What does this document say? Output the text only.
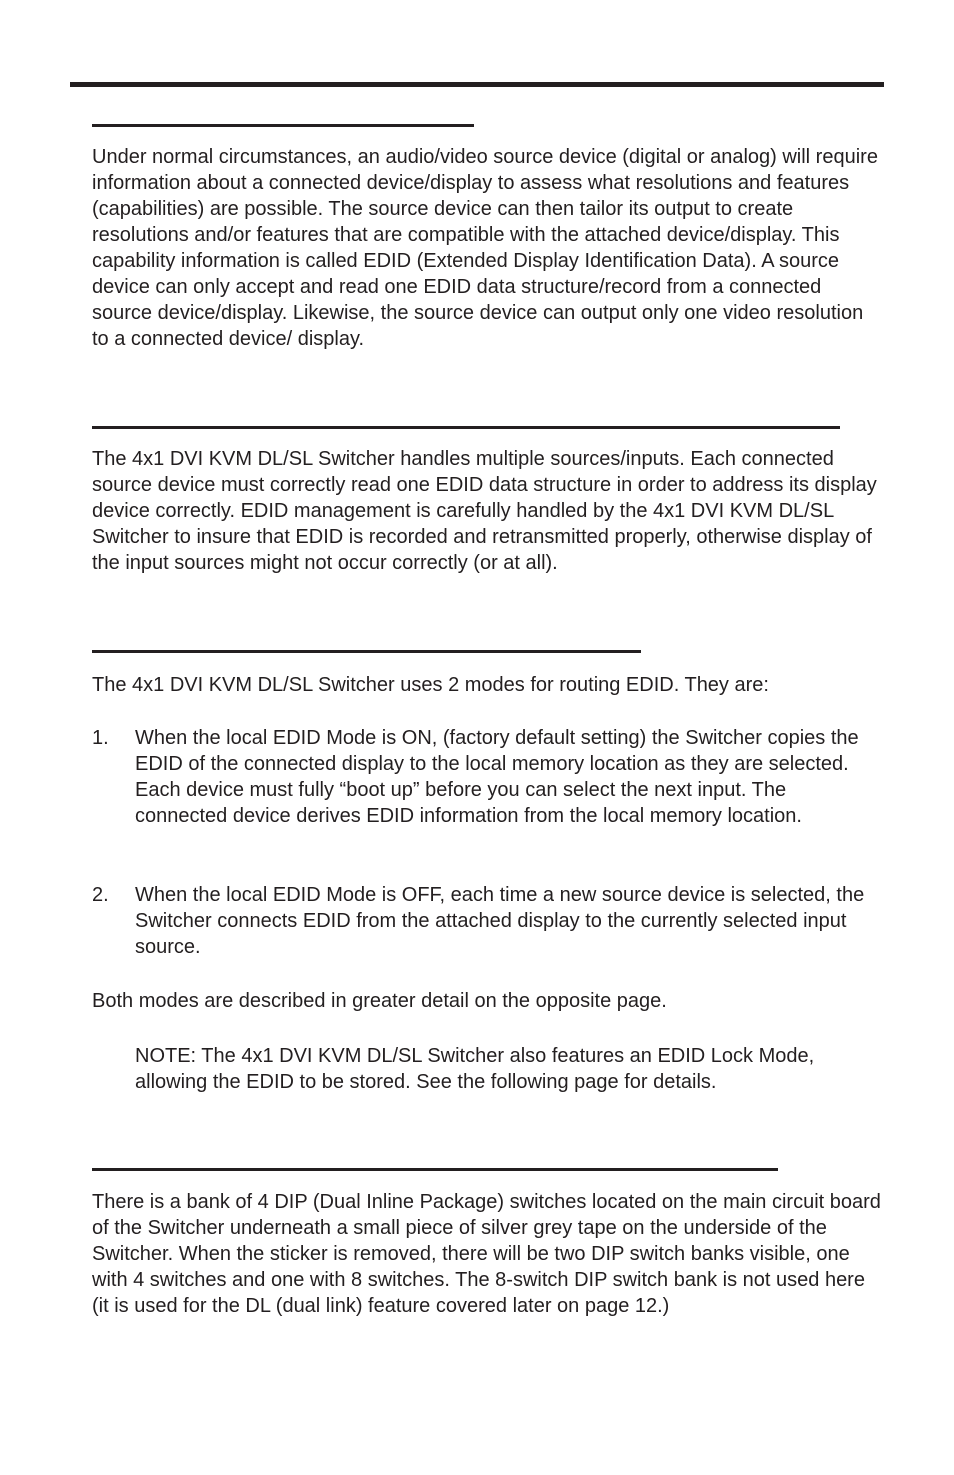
Under normal circumstances, an audio/video source device (digital or analog) will require information about a connected device/display to assess what resolutions and features (capabilities) are possible. The source device can then tailor its output to create resolutions and/or features that are compatible with the attached device/display. This capability information is called EDID (Extended Display Identification Data). A source device can only accept and read one EDID data structure/record from a connected source device/display. Likewise, the source device can output only one video resolution to a connected device/ display.

The 4x1 DVI KVM DL/SL Switcher handles multiple sources/inputs. Each connected source device must correctly read one EDID data structure in order to address its display device correctly. EDID management is carefully handled by the 4x1 DVI KVM DL/SL Switcher to insure that EDID is recorded and retransmitted properly, otherwise display of the input sources might not occur correctly (or at all).

The 4x1 DVI KVM DL/SL Switcher uses 2 modes for routing EDID. They are:

1. When the local EDID Mode is ON, (factory default setting) the Switcher copies the EDID of the connected display to the local memory location as they are selected. Each device must fully “boot up” before you can select the next input. The connected device derives EDID information from the local memory location.
2. When the local EDID Mode is OFF, each time a new source device is selected, the Switcher connects EDID from the attached display to the currently selected input source.

Both modes are described in greater detail on the opposite page.

NOTE: The 4x1 DVI KVM DL/SL Switcher also features an EDID Lock Mode, allowing the EDID to be stored. See the following page for details.

There is a bank of 4 DIP (Dual Inline Package) switches located on the main circuit board of the Switcher underneath a small piece of silver grey tape on the underside of the Switcher. When the sticker is removed, there will be two DIP switch banks visible, one with 4 switches and one with 8 switches. The 8-switch DIP switch bank is not used here (it is used for the DL (dual link) feature covered later on page 12.)
